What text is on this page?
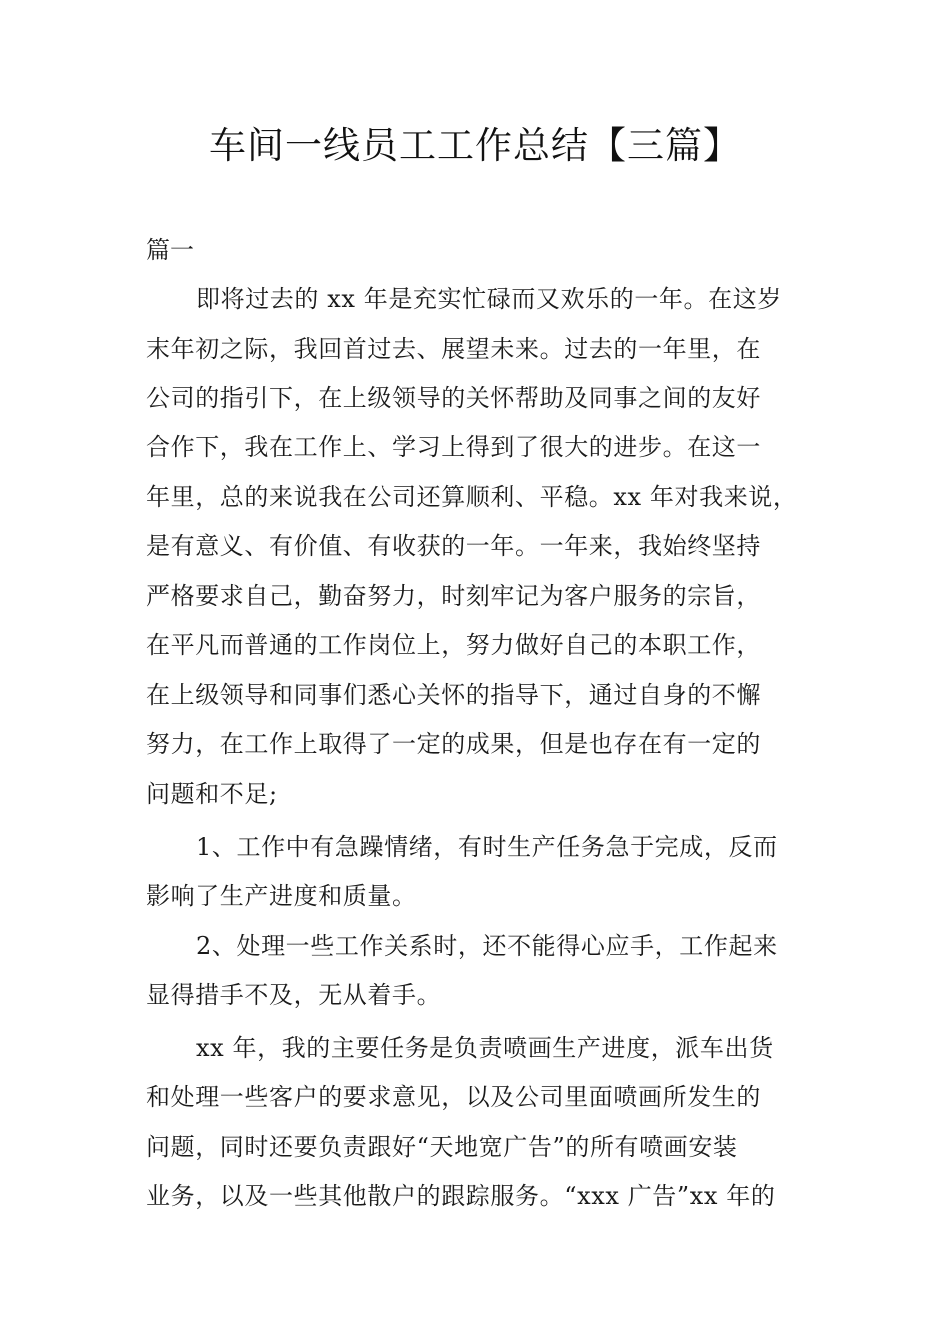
车间一线员工工作总结【三篇】
篇一
即将过去的 xx 年是充实忙碌而又欢乐的一年。在这岁
末年初之际，我回首过去、展望未来。过去的一年里，在
公司的指引下，在上级领导的关怀帮助及同事之间的友好
合作下，我在工作上、学习上得到了很大的进步。在这一
年里，总的来说我在公司还算顺利、平稳。xx 年对我来说，
是有意义、有价值、有收获的一年。一年来，我始终坚持
严格要求自己，勤奋努力，时刻牢记为客户服务的宗旨，
在平凡而普通的工作岗位上，努力做好自己的本职工作，
在上级领导和同事们悉心关怀的指导下，通过自身的不懈
努力，在工作上取得了一定的成果，但是也存在有一定的
问题和不足;
1、工作中有急躁情绪，有时生产任务急于完成，反而
影响了生产进度和质量。
2、处理一些工作关系时，还不能得心应手，工作起来
显得措手不及，无从着手。
xx 年，我的主要任务是负责喷画生产进度，派车出货
和处理一些客户的要求意见，以及公司里面喷画所发生的
问题，同时还要负责跟好“天地宽广告”的所有喷画安装
业务，以及一些其他散户的跟踪服务。“xxx 广告”xx 年的
